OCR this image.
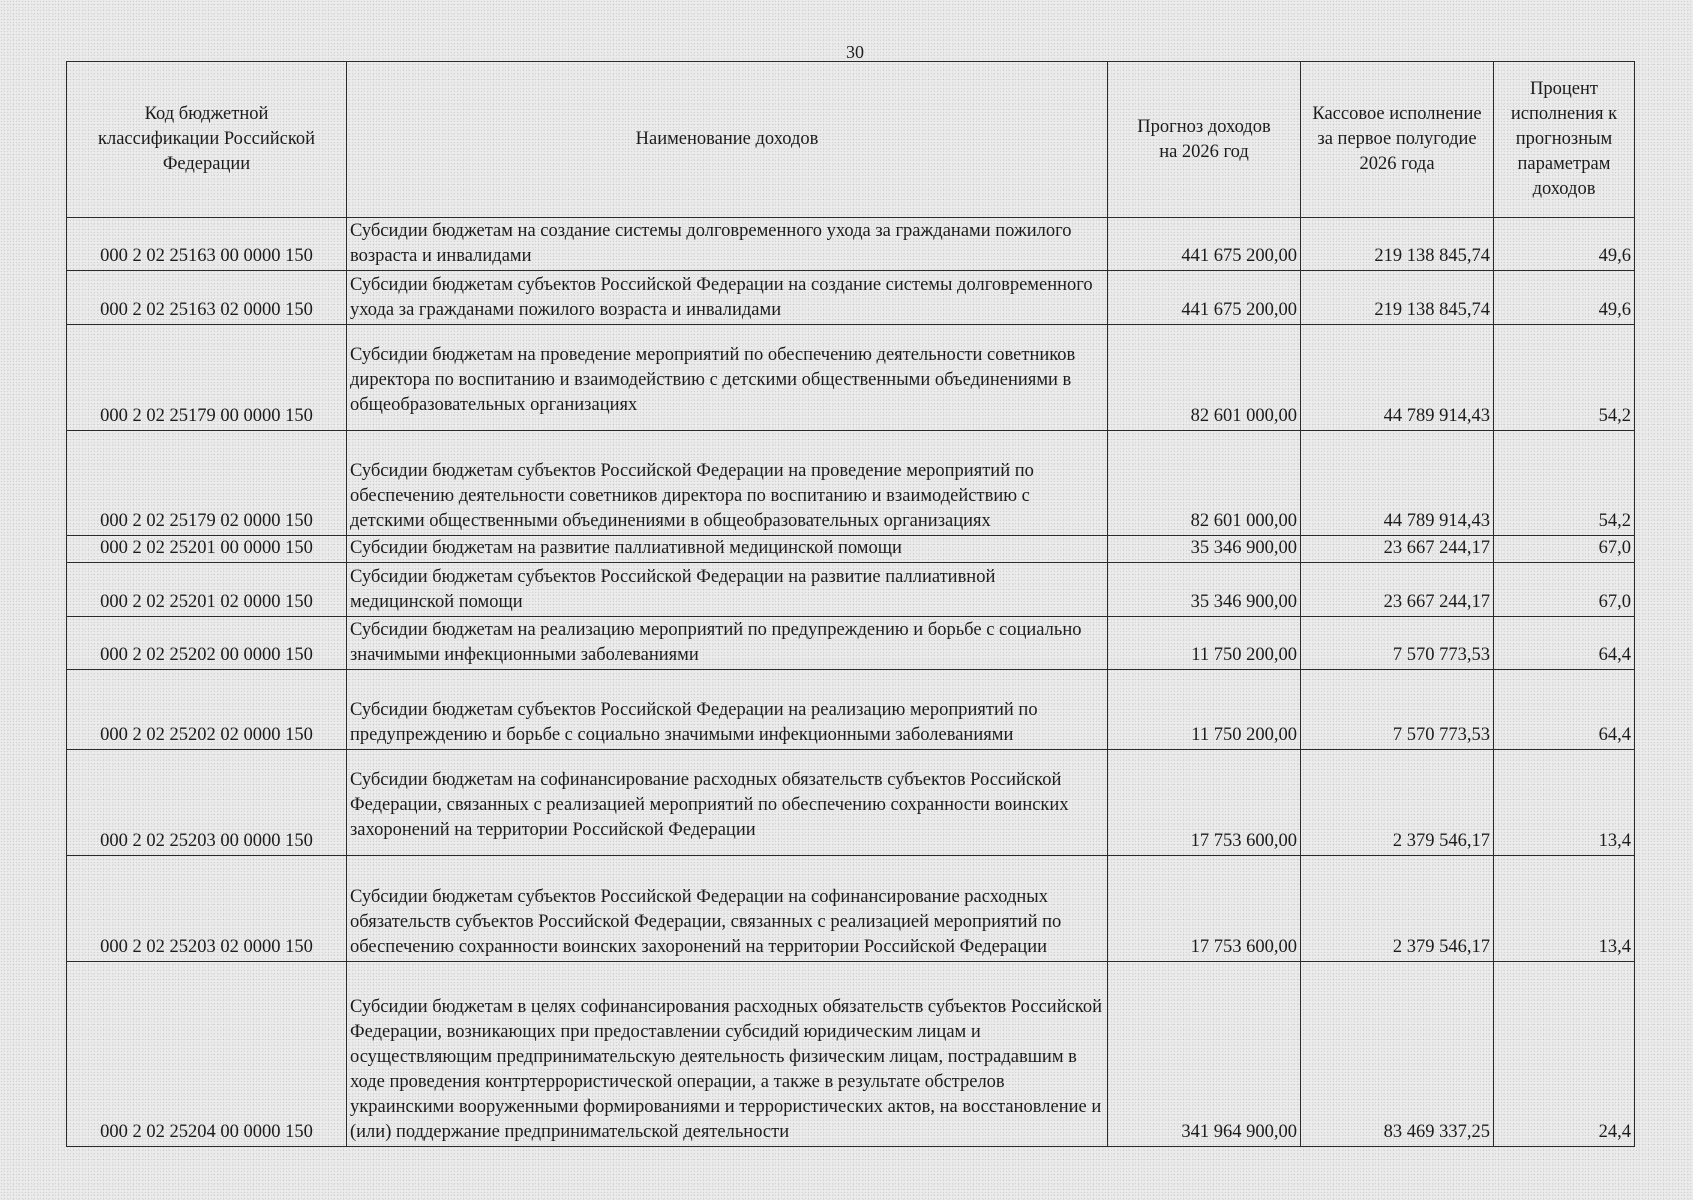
30
Код бюджетной классификации Российской Федерации	Наименование доходов	Прогноз доходов на 2026 год	Кассовое исполнение за первое полугодие 2026 года	Процент исполнения к прогнозным параметрам доходов
000 2 02 25163 00 0000 150	Субсидии бюджетам на создание системы долговременного ухода за гражданами пожилого возраста и инвалидами	441 675 200,00	219 138 845,74	49,6
000 2 02 25163 02 0000 150	Субсидии бюджетам субъектов Российской Федерации на создание системы долговременного ухода за гражданами пожилого возраста и инвалидами	441 675 200,00	219 138 845,74	49,6
000 2 02 25179 00 0000 150	Субсидии бюджетам на проведение мероприятий по обеспечению деятельности советников директора по воспитанию и взаимодействию с детскими общественными объединениями в общеобразовательных организациях	82 601 000,00	44 789 914,43	54,2
000 2 02 25179 02 0000 150	Субсидии бюджетам субъектов Российской Федерации на проведение мероприятий по обеспечению деятельности советников директора по воспитанию и взаимодействию с детскими общественными объединениями в общеобразовательных организациях	82 601 000,00	44 789 914,43	54,2
000 2 02 25201 00 0000 150	Субсидии бюджетам на развитие паллиативной медицинской помощи	35 346 900,00	23 667 244,17	67,0
000 2 02 25201 02 0000 150	Субсидии бюджетам субъектов Российской Федерации на развитие паллиативной медицинской помощи	35 346 900,00	23 667 244,17	67,0
000 2 02 25202 00 0000 150	Субсидии бюджетам на реализацию мероприятий по предупреждению и борьбе с социально значимыми инфекционными заболеваниями	11 750 200,00	7 570 773,53	64,4
000 2 02 25202 02 0000 150	Субсидии бюджетам субъектов Российской Федерации на реализацию мероприятий по предупреждению и борьбе с социально значимыми инфекционными заболеваниями	11 750 200,00	7 570 773,53	64,4
000 2 02 25203 00 0000 150	Субсидии бюджетам на софинансирование расходных обязательств субъектов Российской Федерации, связанных с реализацией мероприятий по обеспечению сохранности воинских захоронений на территории Российской Федерации	17 753 600,00	2 379 546,17	13,4
000 2 02 25203 02 0000 150	Субсидии бюджетам субъектов Российской Федерации на софинансирование расходных обязательств субъектов Российской Федерации, связанных с реализацией мероприятий по обеспечению сохранности воинских захоронений на территории Российской Федерации	17 753 600,00	2 379 546,17	13,4
000 2 02 25204 00 0000 150	Субсидии бюджетам в целях софинансирования расходных обязательств субъектов Российской Федерации, возникающих при предоставлении субсидий юридическим лицам и осуществляющим предпринимательскую деятельность физическим лицам, пострадавшим в ходе проведения контртеррористической операции, а также в результате обстрелов украинскими вооруженными формированиями и террористических актов, на восстановление и (или) поддержание предпринимательской деятельности	341 964 900,00	83 469 337,25	24,4
